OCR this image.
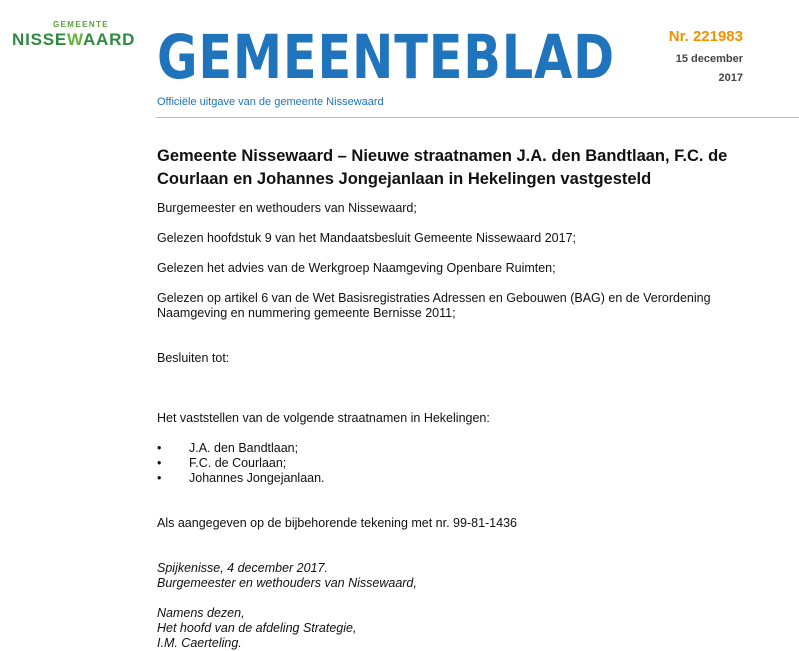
GEMEENTE
NISSEWAARD GEMEENTEBLAD
Officiële uitgave van de gemeente Nissewaard
Nr. 221983
15 december
2017
Gemeente Nissewaard – Nieuwe straatnamen J.A. den Bandtlaan, F.C. de Courlaan en Johannes Jongejanlaan in Hekelingen vastgesteld

Burgemeester en wethouders van Nissewaard;

Gelezen hoofdstuk 9 van het Mandaatsbesluit Gemeente Nissewaard 2017;

Gelezen het advies van de Werkgroep Naamgeving Openbare Ruimten;

Gelezen op artikel 6 van de Wet Basisregistraties Adressen en Gebouwen (BAG) en de Verordening Naamgeving en nummering gemeente Bernisse 2011;

Besluiten tot:

Het vaststellen van de volgende straatnamen in Hekelingen:

• J.A. den Bandtlaan;
• F.C. de Courlaan;
• Johannes Jongejanlaan.

Als aangegeven op de bijbehorende tekening met nr. 99-81-1436

Spijkenisse, 4 december 2017.

Burgemeester en wethouders van Nissewaard,

Namens dezen,

Het hoofd van de afdeling Strategie,

I.M. Caerteling.
